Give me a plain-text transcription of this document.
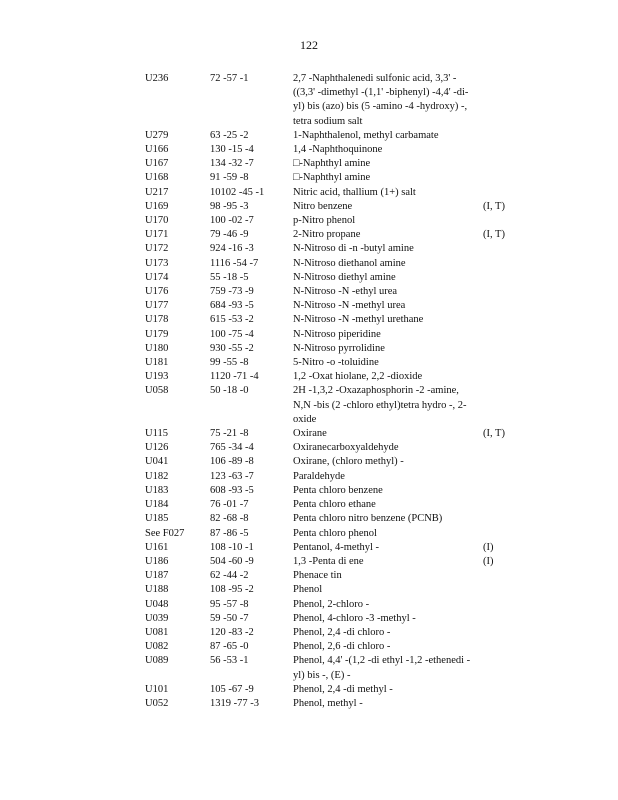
122
U236	72 -57 -1	2,7 -Naphthalenedi sulfonic acid, 3,3' -
((3,3' -dimethyl -(1,1' -biphenyl) -4,4' -di-
yl) bis (azo) bis (5 -amino -4 -hydroxy) -,
tetra sodium salt
U279	63 -25 -2	1-Naphthalenol, methyl carbamate
U166	130 -15 -4	1,4 -Naphthoquinone
U167	134 -32 -7	□-Naphthyl amine
U168	91 -59 -8	□-Naphthyl amine
U217	10102 -45 -1	Nitric acid, thallium (1+) salt
U169	98 -95 -3	Nitro benzene	(I, T)
U170	100 -02 -7	p-Nitro phenol
U171	79 -46 -9	2-Nitro propane	(I, T)
U172	924 -16 -3	N-Nitroso di -n -butyl amine
U173	1116 -54 -7	N-Nitroso diethanol amine
U174	55 -18 -5	N-Nitroso diethyl amine
U176	759 -73 -9	N-Nitroso -N -ethyl urea
U177	684 -93 -5	N-Nitroso -N -methyl urea
U178	615 -53 -2	N-Nitroso -N -methyl urethane
U179	100 -75 -4	N-Nitroso piperidine
U180	930 -55 -2	N-Nitroso pyrrolidine
U181	99 -55 -8	5-Nitro -o -toluidine
U193	1120 -71 -4	1,2 -Oxat hiolane, 2,2 -dioxide
U058	50 -18 -0	2H -1,3,2 -Oxazaphosphorin -2 -amine,
N,N -bis (2 -chloro ethyl)tetra hydro -, 2-
oxide
U115	75 -21 -8	Oxirane	(I, T)
U126	765 -34 -4	Oxiranecarboxyaldehyde
U041	106 -89 -8	Oxirane, (chloro methyl) -
U182	123 -63 -7	Paraldehyde
U183	608 -93 -5	Penta chloro benzene
U184	76 -01 -7	Penta chloro ethane
U185	82 -68 -8	Penta chloro nitro benzene (PCNB)
See F027	87 -86 -5	Penta chloro phenol
U161	108 -10 -1	Pentanol, 4-methyl -	(I)
U186	504 -60 -9	1,3 -Penta di ene	(I)
U187	62 -44 -2	Phenace tin
U188	108 -95 -2	Phenol
U048	95 -57 -8	Phenol, 2-chloro -
U039	59 -50 -7	Phenol, 4-chloro -3 -methyl -
U081	120 -83 -2	Phenol, 2,4 -di chloro -
U082	87 -65 -0	Phenol, 2,6 -di chloro -
U089	56 -53 -1	Phenol, 4,4' -(1,2 -di ethyl -1,2 -ethenedi -
yl) bis -, (E) -
U101	105 -67 -9	Phenol, 2,4 -di methyl -
U052	1319 -77 -3	Phenol, methyl -
